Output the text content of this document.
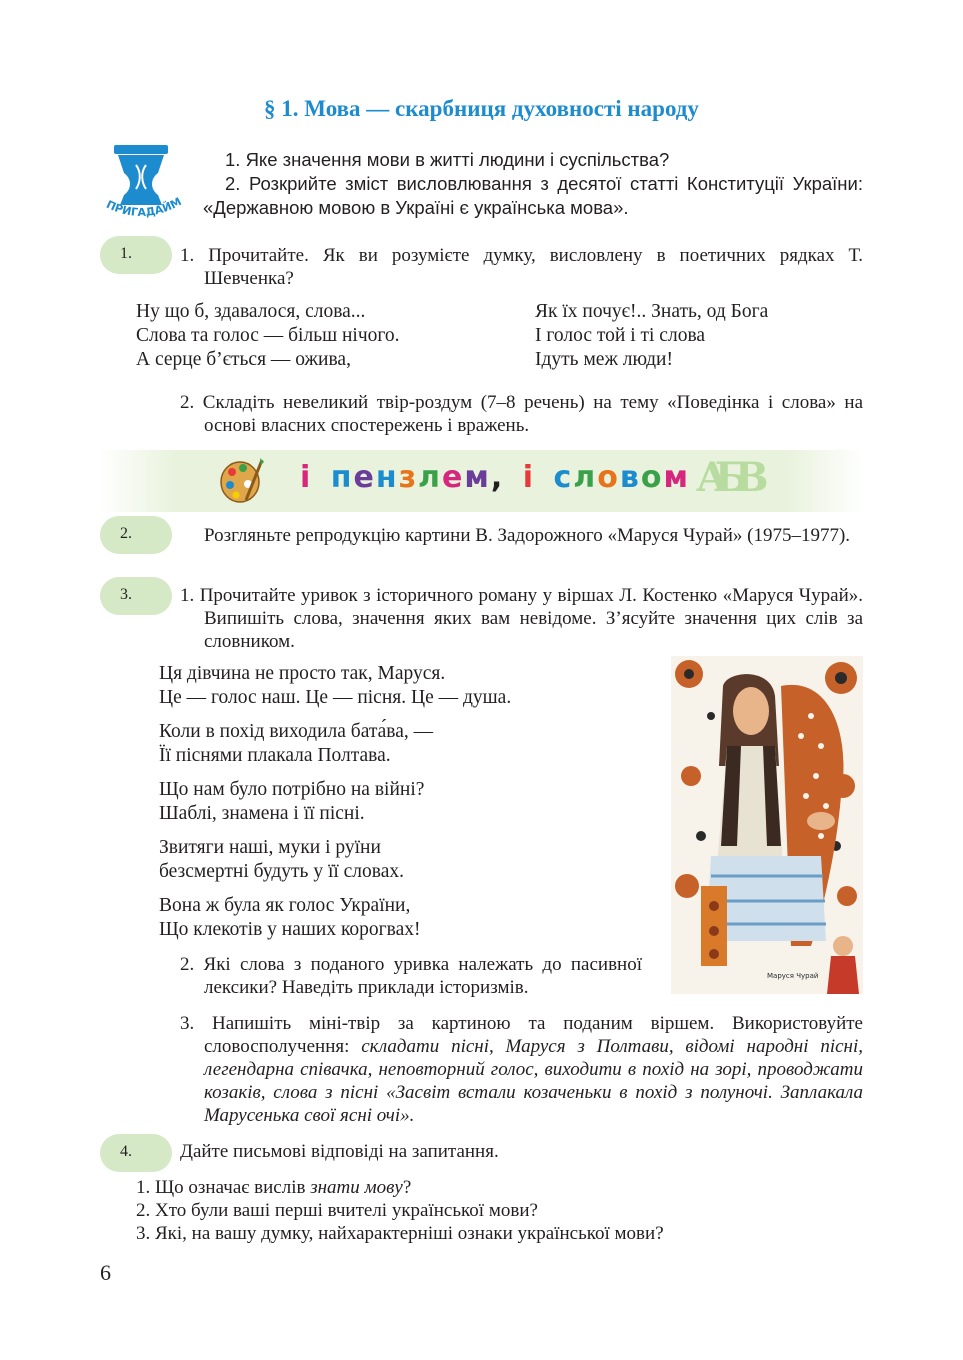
§ 1. Мова — скарбниця духовності народу
ПРИГАДАЙ

1. Яке значення мови в житті людини і суспільства?

2. Розкрийте зміст висловлювання з десятої статті Конституції України: «Державною мовою в Україні є українська мова».

1.	1. Прочитайте. Як ви розумієте думку, висловлену в поетичних рядках Т. Шевченка?

Ну що б, здавалося, слова...
Слова та голос — більш нічого.
А серце б’ється — ожива,
Як їх почує!.. Знать, од Бога
І голос той і ті слова
Ідуть меж люди!

2. Складіть невеликий твір-роздум (7–8 речень) на тему «Поведінка і слова» на основі власних спостережень і вражень.

і пензлем, і словом АБВ
2.	Розгляньте репродукцію картини В. Задорожного «Маруся Чурай» (1975–1977).

3.	1. Прочитайте уривок з історичного роману у віршах Л. Костенко «Маруся Чурай». Випишіть слова, значення яких вам невідоме. З’ясуйте значення цих слів за словником.

Ця дівчина не просто так, Маруся.
Це — голос наш. Це — пісня. Це — душа.
Коли в похід виходила бата́ва, —
Її піснями плакала Полтава.
Що нам було потрібно на війні?
Шаблі, знамена і її пісні.
Звитяги наші, муки і руїни
безсмертні будуть у її словах.
Вона ж була як голос України,
Що клекотів у наших корогвах!
Маруся Чурай

2. Які слова з поданого уривка належать до пасивної лексики? Наведіть приклади історизмів.

3. Напишіть міні-твір за картиною та поданим віршем. Використовуйте словосполучення: складати пісні, Маруся з Полтави, відомі народні пісні, легендарна співачка, неповторний голос, виходити в похід на зорі, проводжати козаків, слова з пісні «Засвіт встали козаченьки в похід з полуночі. Заплакала Марусенька свої ясні очі».

4.	Дайте письмові відповіді на запитання.

1. Що означає вислів знати мову?

2. Хто були ваші перші вчителі української мови?

3. Які, на вашу думку, найхарактерніші ознаки української мови?

6
